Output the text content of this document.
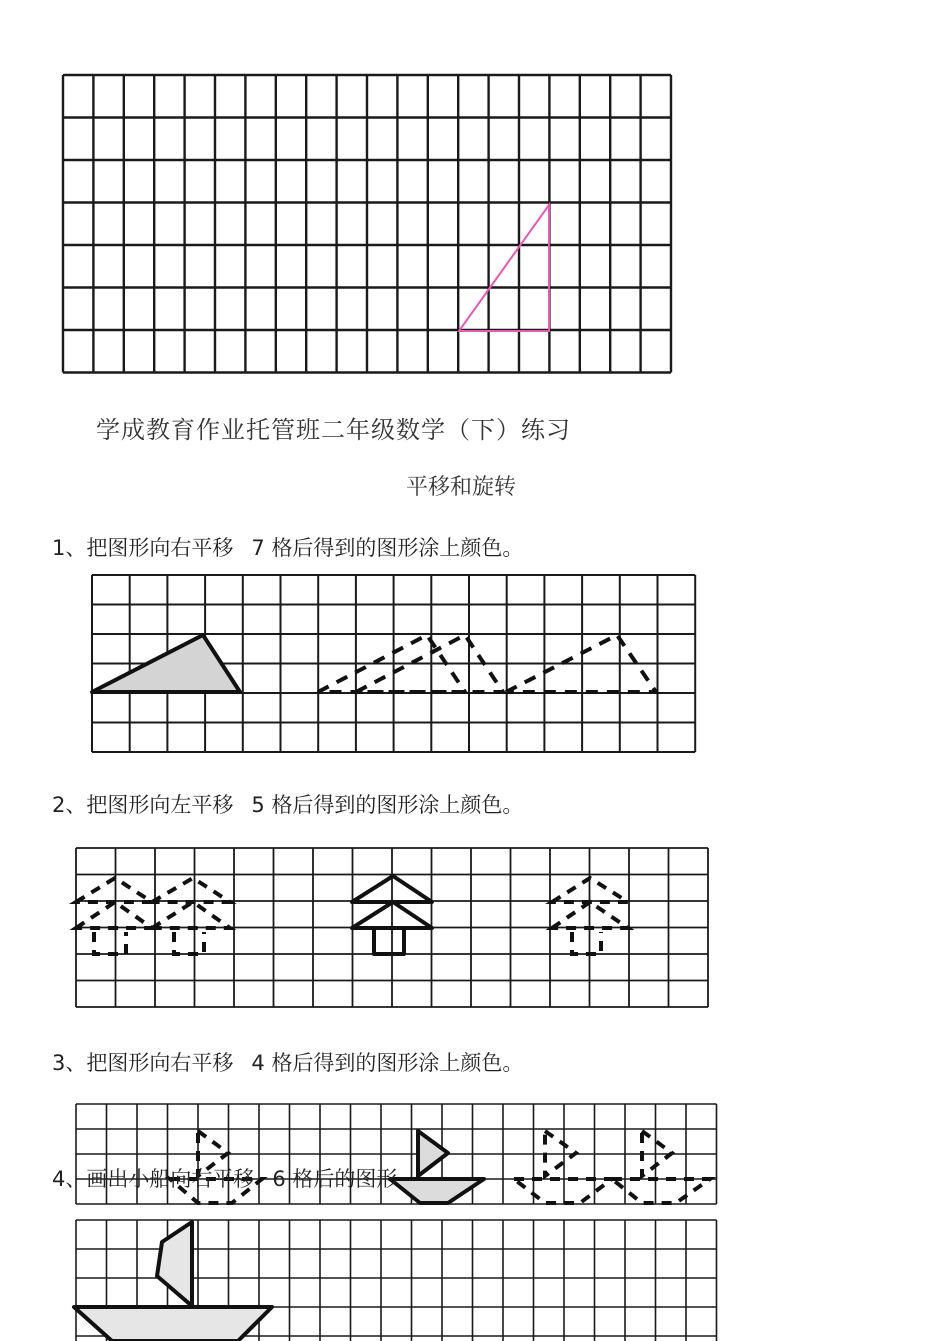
学成教育作业托管班二年级数学（下）练习
平移和旋转
1、把图形向右平移 7 格后得到的图形涂上颜色。
2、把图形向左平移 5 格后得到的图形涂上颜色。
3、把图形向右平移 4 格后得到的图形涂上颜色。
4、画出小船向右平移 6 格后的图形
